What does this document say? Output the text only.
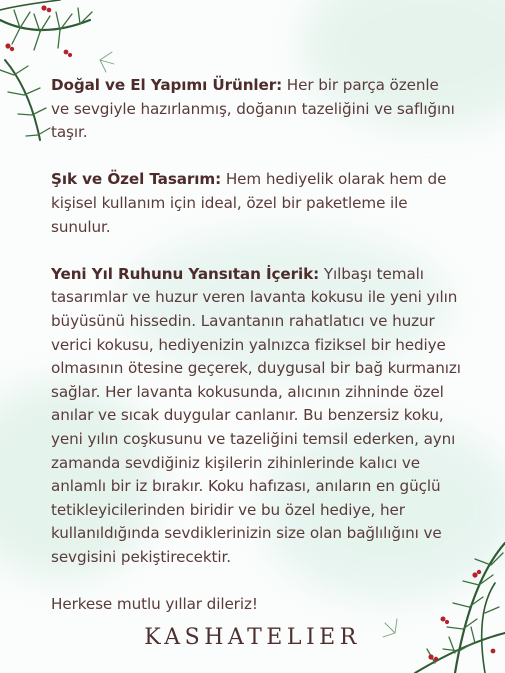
Doğal ve El Yapımı Ürünler: Her bir parça özenle ve sevgiyle hazırlanmış, doğanın tazeliğini ve saflığını taşır.

Şık ve Özel Tasarım: Hem hediyelik olarak hem de kişisel kullanım için ideal, özel bir paketleme ile sunulur.

Yeni Yıl Ruhunu Yansıtan İçerik: Yılbaşı temalı tasarımlar ve huzur veren lavanta kokusu ile yeni yılın büyüsünü hissedin. Lavantanın rahatlatıcı ve huzur verici kokusu, hediyenizin yalnızca fiziksel bir hediye olmasının ötesine geçerek, duygusal bir bağ kurmanızı sağlar. Her lavanta kokusunda, alıcının zihninde özel anılar ve sıcak duygular canlanır. Bu benzersiz koku, yeni yılın coşkusunu ve tazeliğini temsil ederken, aynı zamanda sevdiğiniz kişilerin zihinlerinde kalıcı ve anlamlı bir iz bırakır. Koku hafızası, anıların en güçlü tetikleyicilerinden biridir ve bu özel hediye, her kullanıldığında sevdiklerinizin size olan bağlılığını ve sevgisini pekiştirecektir.

Herkese mutlu yıllar dileriz!

KASHATELIER
